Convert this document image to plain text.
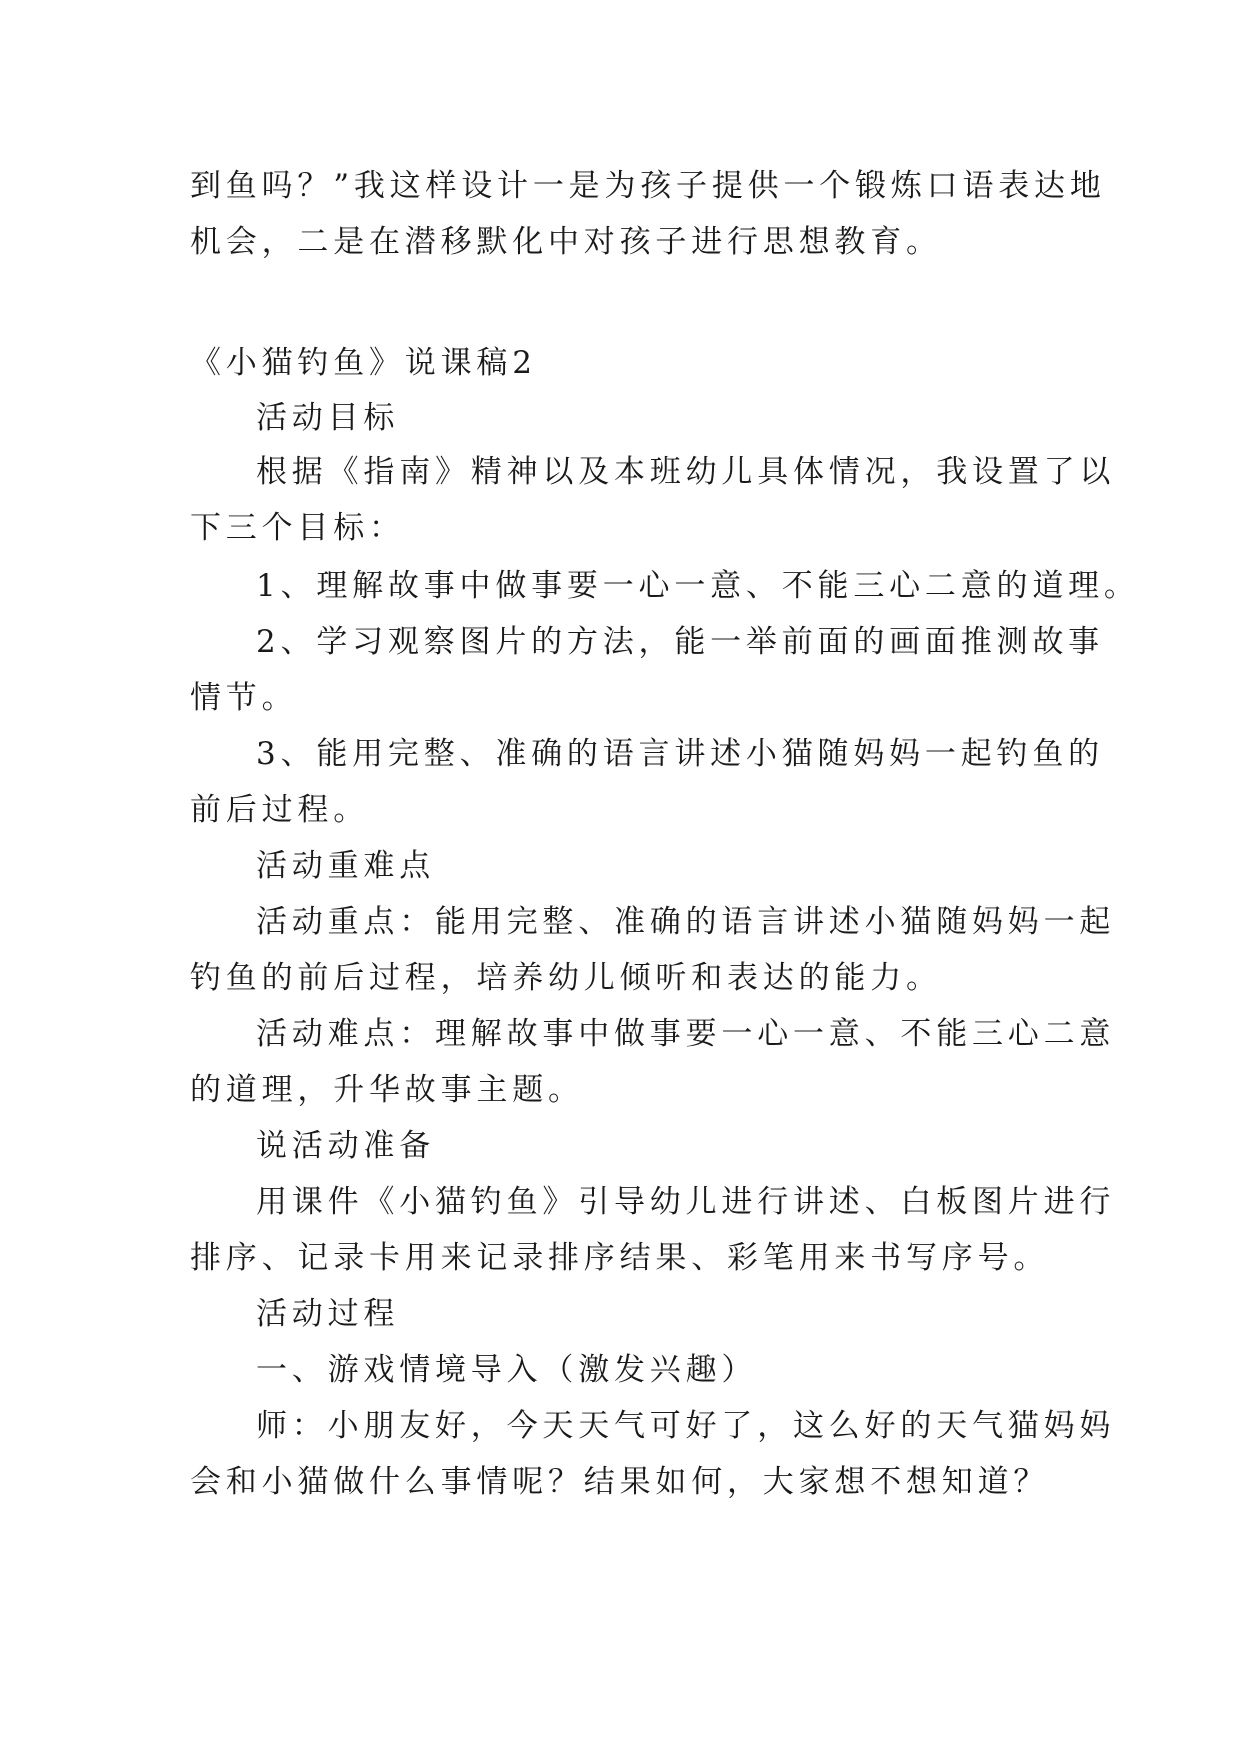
到鱼吗？”我这样设计一是为孩子提供一个锻炼口语表达地
机会，二是在潜移默化中对孩子进行思想教育。
《小猫钓鱼》说课稿2
活动目标
根据《指南》精神以及本班幼儿具体情况，我设置了以
下三个目标：
1、理解故事中做事要一心一意、不能三心二意的道理。
2、学习观察图片的方法，能一举前面的画面推测故事
情节。
3、能用完整、准确的语言讲述小猫随妈妈一起钓鱼的
前后过程。
活动重难点
活动重点：能用完整、准确的语言讲述小猫随妈妈一起
钓鱼的前后过程，培养幼儿倾听和表达的能力。
活动难点：理解故事中做事要一心一意、不能三心二意
的道理，升华故事主题。
说活动准备
用课件《小猫钓鱼》引导幼儿进行讲述、白板图片进行
排序、记录卡用来记录排序结果、彩笔用来书写序号。
活动过程
一、游戏情境导入（激发兴趣）
师：小朋友好，今天天气可好了，这么好的天气猫妈妈
会和小猫做什么事情呢？结果如何，大家想不想知道？
